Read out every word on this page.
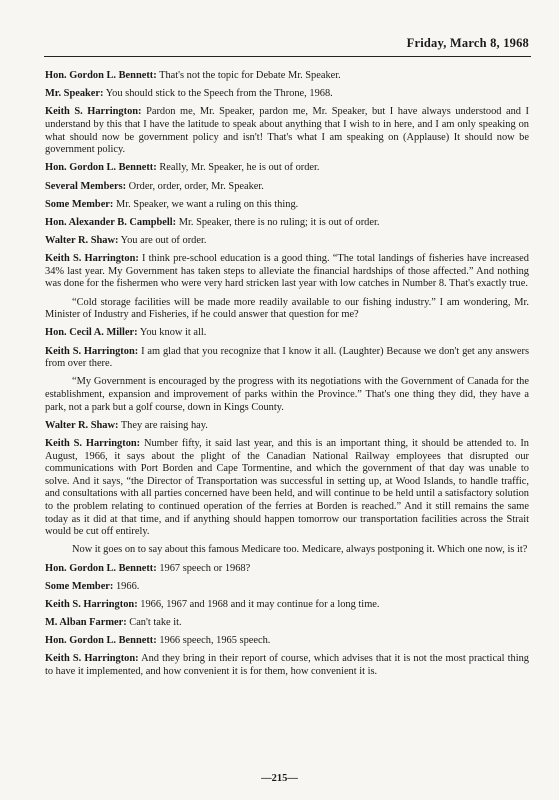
Friday, March 8, 1968

Hon. Gordon L. Bennett: That's not the topic for Debate Mr. Speaker.

Mr. Speaker: You should stick to the Speech from the Throne, 1968.

Keith S. Harrington: Pardon me, Mr. Speaker, pardon me, Mr. Speaker, but I have always understood and I understand by this that I have the latitude to speak about anything that I wish to in here, and I am only speaking on what should now be government policy and isn't! That's what I am speaking on (Applause) It should now be government policy.

Hon. Gordon L. Bennett: Really, Mr. Speaker, he is out of order.

Several Members: Order, order, order, Mr. Speaker.

Some Member: Mr. Speaker, we want a ruling on this thing.

Hon. Alexander B. Campbell: Mr. Speaker, there is no ruling; it is out of order.

Walter R. Shaw: You are out of order.

Keith S. Harrington: I think pre-school education is a good thing. “The total landings of fisheries have increased 34% last year. My Government has taken steps to alleviate the financial hardships of those affected.” And nothing was done for the fishermen who were very hard stricken last year with low catches in Number 8. That's exactly true.

“Cold storage facilities will be made more readily available to our fishing industry.” I am wondering, Mr. Minister of Industry and Fisheries, if he could answer that question for me?

Hon. Cecil A. Miller: You know it all.

Keith S. Harrington: I am glad that you recognize that I know it all. (Laughter) Because we don't get any answers from over there.

“My Government is encouraged by the progress with its negotiations with the Government of Canada for the establishment, expansion and improvement of parks within the Province.” That's one thing they did, they have a park, not a park but a golf course, down in Kings County.

Walter R. Shaw: They are raising hay.

Keith S. Harrington: Number fifty, it said last year, and this is an important thing, it should be attended to. In August, 1966, it says about the plight of the Canadian National Railway employees that disrupted our communications with Port Borden and Cape Tormentine, and which the government of that day was unable to solve. And it says, “the Director of Transportation was successful in setting up, at Wood Islands, to handle traffic, and consultations with all parties concerned have been held, and will continue to be held until a satisfactory solution to the problem relating to continued operation of the ferries at Borden is reached.” And it still remains the same today as it did at that time, and if anything should happen tomorrow our transportation facilities across the Strait would be cut off entirely.

Now it goes on to say about this famous Medicare too. Medicare, always postponing it. Which one now, is it?

Hon. Gordon L. Bennett: 1967 speech or 1968?

Some Member: 1966.

Keith S. Harrington: 1966, 1967 and 1968 and it may continue for a long time.

M. Alban Farmer: Can't take it.

Hon. Gordon L. Bennett: 1966 speech, 1965 speech.

Keith S. Harrington: And they bring in their report of course, which advises that it is not the most practical thing to have it implemented, and how convenient it is for them, how convenient it is.

—215—
